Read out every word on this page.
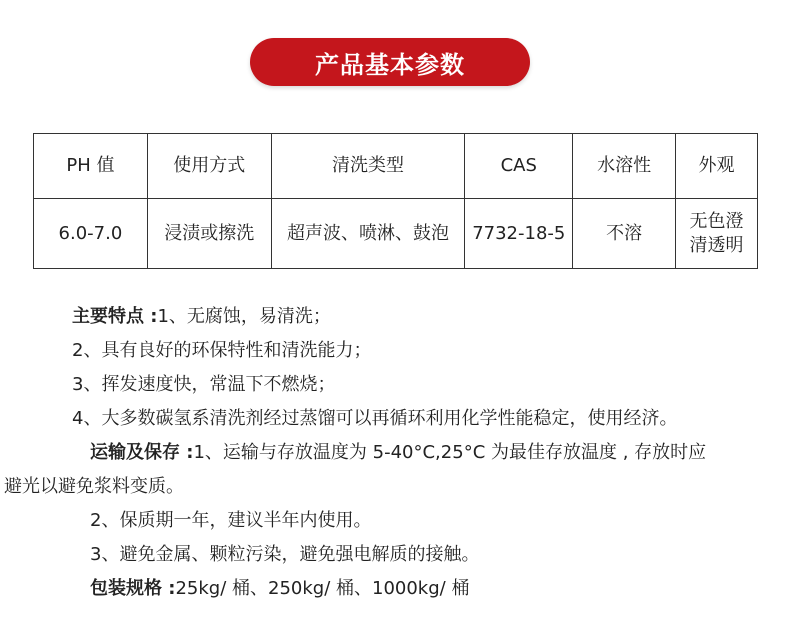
产品基本参数
PH 值	使用方式	清洗类型	CAS	水溶性	外观
6.0-7.0	浸渍或擦洗	超声波、喷淋、鼓泡	7732-18-5	不溶	无色澄
清透明

主要特点 :1、无腐蚀，易清洗；

2、具有良好的环保特性和清洗能力；

3、挥发速度快，常温下不燃烧；

4、大多数碳氢系清洗剂经过蒸馏可以再循环利用化学性能稳定，使用经济。

运输及保存 :1、运输与存放温度为 5-40°C,25°C 为最佳存放温度 , 存放时应

避光以避免浆料变质。

2、保质期一年，建议半年内使用。

3、避免金属、颗粒污染，避免强电解质的接触。

包装规格 :25kg/ 桶、250kg/ 桶、1000kg/ 桶
